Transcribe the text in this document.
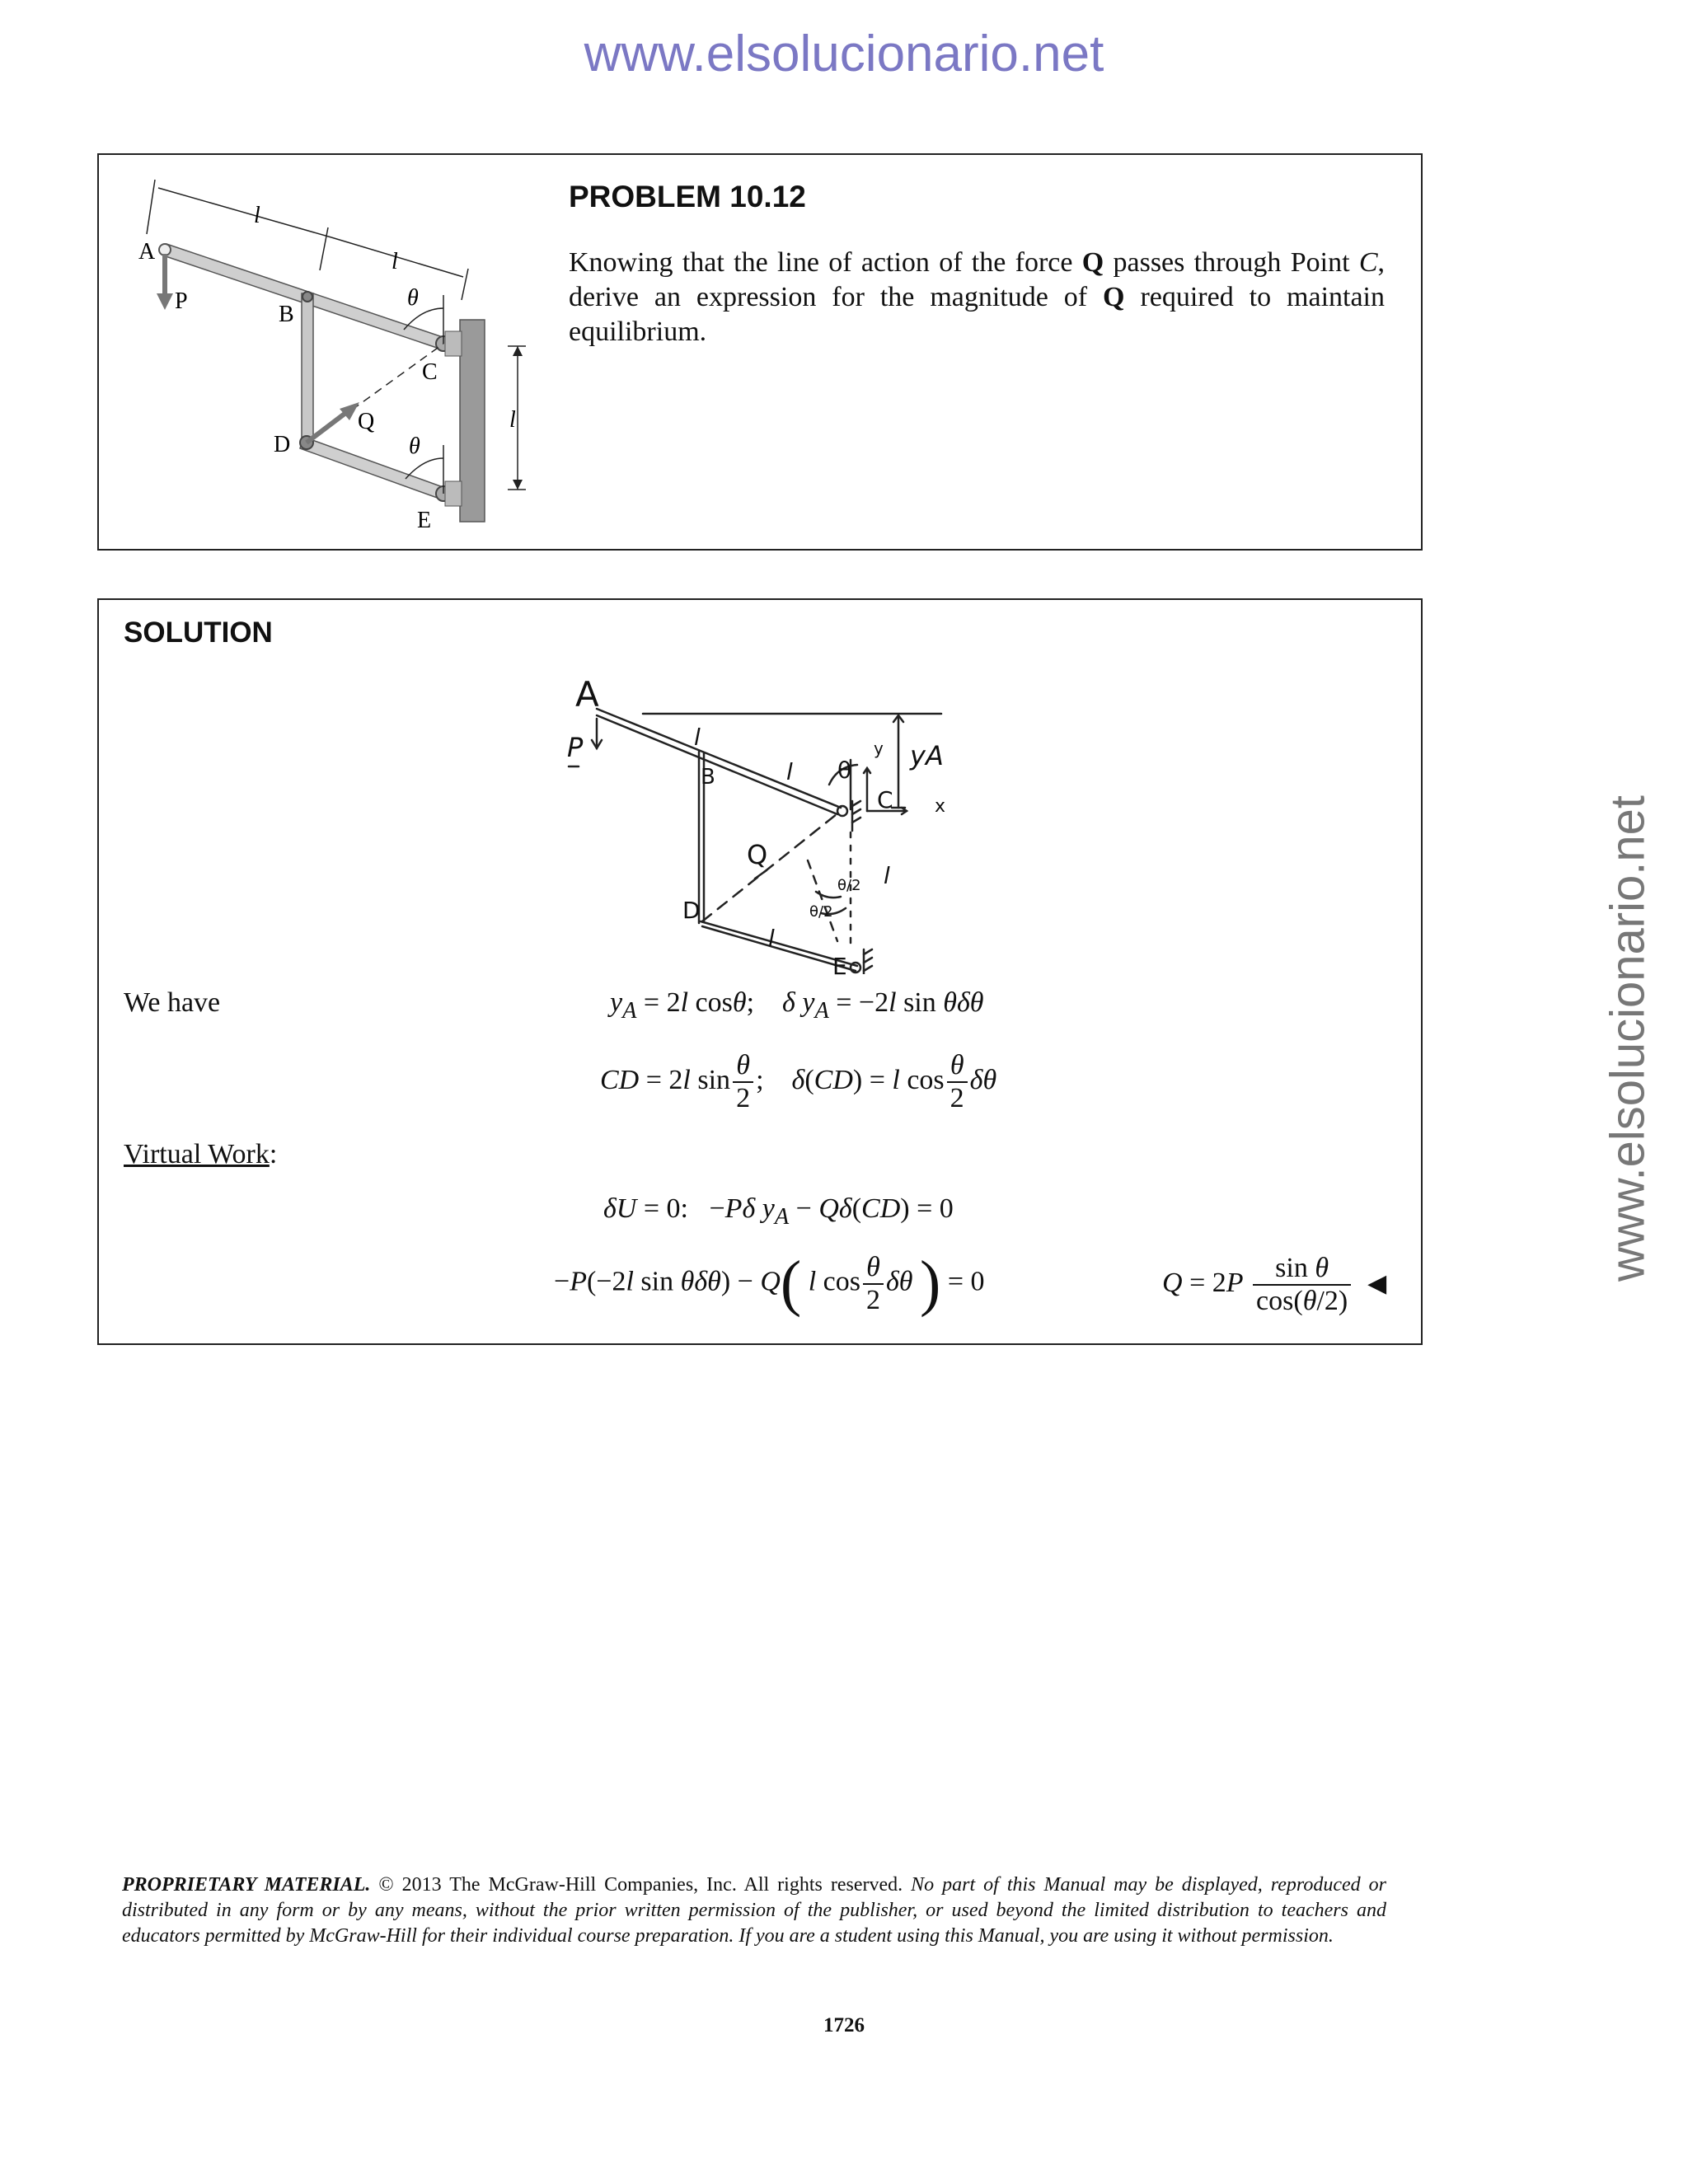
www.elsolucionario.net
www.elsolucionario.net
l
l
θ
θ
l
A
P
B
C
Q
D
E
PROBLEM 10.12
Knowing that the line of action of the force Q passes through Point C, derive an expression for the magnitude of Q required to maintain equilibrium.
SOLUTION
A
P	l
l
B	θ
y
C
yA
x
Q
l
θ/2
θ/2
D
l
E
We have	$y_A = 2l$ cosθ;    δ $y_A = -2l$ sin θδθ
CD = 2l $\sin \frac{\theta}{2}$ ;    δ(CD) = l $\cos \frac{\theta}{2}$ δθ
Virtual Work:
δU = 0:   −Pδ $y_A - Q\delta(CD) = 0$
−P(−2l sin θδθ) − Q( l $\cos \frac{\theta}{2}$ δθ ) = 0	$Q = 2P \frac{\text{sin θ}}{\cos(\theta/2)}$ ◀
PROPRIETARY MATERIAL. © 2013 The McGraw-Hill Companies, Inc. All rights reserved. No part of this Manual may be displayed, reproduced or distributed in any form or by any means, without the prior written permission of the publisher, or used beyond the limited distribution to teachers and educators permitted by McGraw-Hill for their individual course preparation. If you are a student using this Manual, you are using it without permission.
1726
